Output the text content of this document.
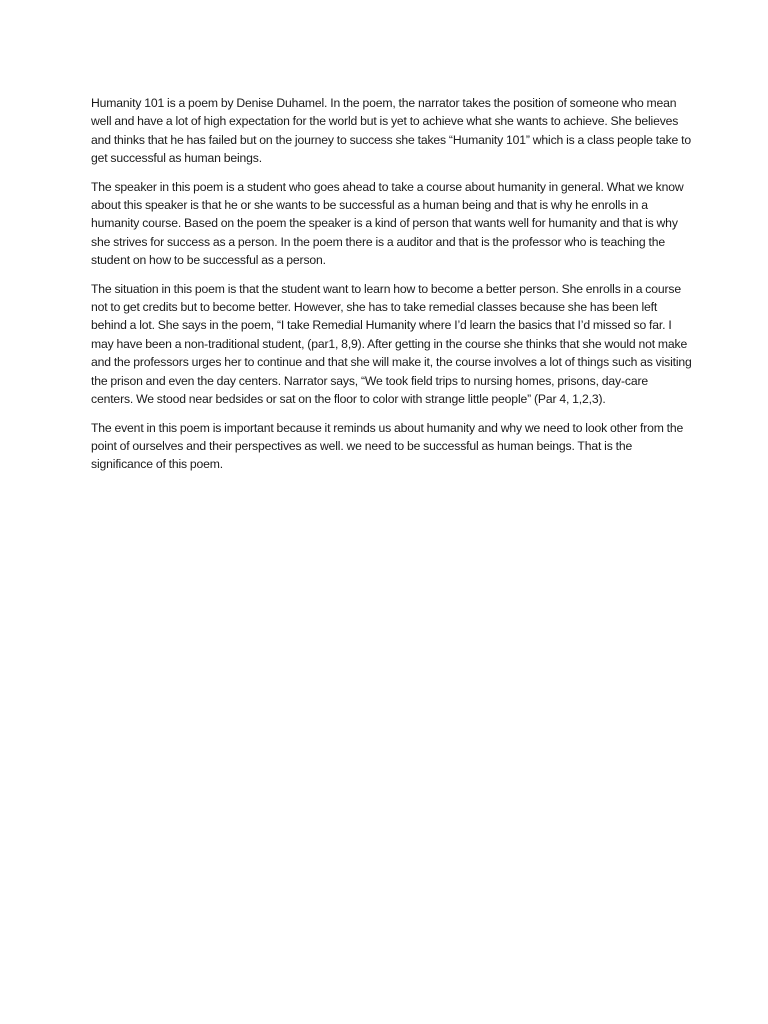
Humanity 101 is a poem by Denise Duhamel. In the poem, the narrator takes the position of someone who mean well and have a lot of high expectation for the world but is yet to achieve what she wants to achieve. She believes and thinks that he has failed but on the journey to success she takes “Humanity 101” which is a class people take to get successful as human beings.

The speaker in this poem is a student who goes ahead to take a course about humanity in general. What we know about this speaker is that he or she wants to be successful as a human being and that is why he enrolls in a humanity course. Based on the poem the speaker is a kind of person that wants well for humanity and that is why she strives for success as a person. In the poem there is a auditor and that is the professor who is teaching the student on how to be successful as a person.

The situation in this poem is that the student want to learn how to become a better person. She enrolls in a course not to get credits but to become better. However, she has to take remedial classes because she has been left behind a lot. She says in the poem, “I take Remedial Humanity where I’d learn the basics that I’d missed so far. I may have been a non-traditional student, (par1, 8,9). After getting in the course she thinks that she would not make and the professors urges her to continue and that she will make it, the course involves a lot of things such as visiting the prison and even the day centers. Narrator says, “We took field trips to nursing homes, prisons, day-care centers. We stood near bedsides or sat on the floor to color with strange little people” (Par 4, 1,2,3).

The event in this poem is important because it reminds us about humanity and why we need to look other from the point of ourselves and their perspectives as well. we need to be successful as human beings. That is the significance of this poem.
